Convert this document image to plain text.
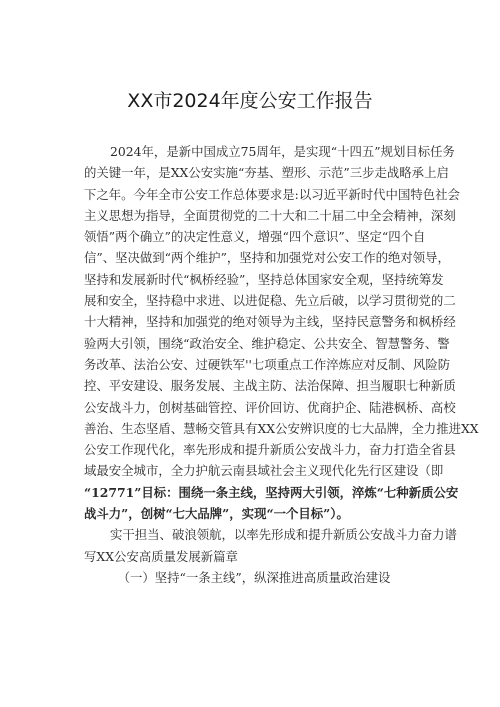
XX市2024年度公安工作报告
2024年，是新中国成立75周年，是实现“十四五”规划目标任务
的关键一年，是XX公安实施“夯基、塑形、示范”三步走战略承上启
下之年。今年全市公安工作总体要求是:以习近平新时代中国特色社会
主义思想为指导，全面贯彻党的二十大和二十届二中全会精神，深刻
领悟”两个确立”的决定性意义，增强“四个意识”、坚定“四个自
信”、坚决做到“两个维护”，坚持和加强党对公安工作的绝对领导，
坚持和发展新时代“枫桥经验”，坚持总体国家安全观，坚持统筹发
展和安全，坚持稳中求进、以进促稳、先立后破，以学习贯彻党的二
十大精神，坚持和加强党的绝对领导为主线，坚持民意警务和枫桥经
验两大引领，围绕“政治安全、维护稳定、公共安全、智慧警务、警
务改革、法治公安、过硬铁军''七项重点工作淬炼应对反制、风险防
控、平安建设、服务发展、主战主防、法治保障、担当履职七种新质
公安战斗力，创树基础管控、评价回访、优商护企、陆港枫桥、高校
善治、生态坚盾、慧畅交管具有XX公安辨识度的七大品牌，全力推进XX
公安工作现代化，率先形成和提升新质公安战斗力，奋力打造全省县
域最安全城市，全力护航云南县域社会主义现代化先行区建设（即
“12771”目标：围绕一条主线，坚持两大引领，淬炼“七种新质公安
战斗力”，创树“七大品牌”，实现“一个目标”）。
实干担当、破浪领航，以率先形成和提升新质公安战斗力奋力谱
写XX公安高质量发展新篇章
（一）坚持“一条主线”，纵深推进高质量政治建设
